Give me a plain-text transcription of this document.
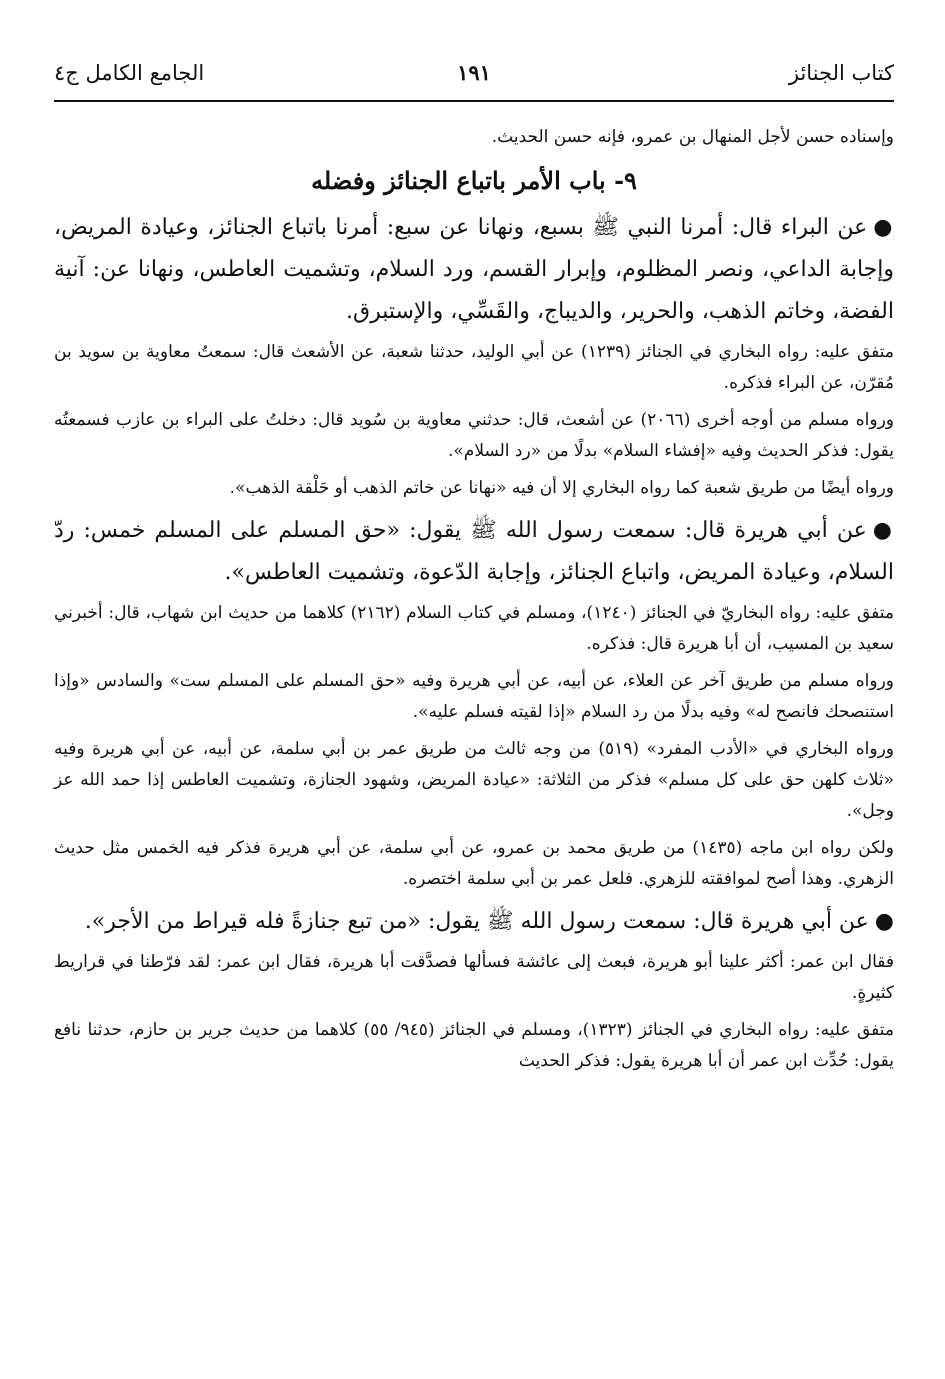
كتاب الجنائز
١٩١
الجامع الكامل ج٤

وإسناده حسن لأجل المنهال بن عمرو، فإنه حسن الحديث.

٩- باب الأمر باتباع الجنائز وفضله

●عن البراء قال: أمرنا النبي ﷺ بسبع، ونهانا عن سبع: أمرنا باتباع الجنائز، وعيادة المريض، وإجابة الداعي، ونصر المظلوم، وإبرار القسم، ورد السلام، وتشميت العاطس، ونهانا عن: آنية الفضة، وخاتم الذهب، والحرير، والديباج، والقَسِّي، والإستبرق.

متفق عليه: رواه البخاري في الجنائز (١٢٣٩) عن أبي الوليد، حدثنا شعبة، عن الأشعث قال: سمعتُ معاوية بن سويد بن مُقرّن، عن البراء فذكره.

ورواه مسلم من أوجه أخرى (٢٠٦٦) عن أشعث، قال: حدثني معاوية بن سُويد قال: دخلتُ على البراء بن عازب فسمعتُه يقول: فذكر الحديث وفيه «إفشاء السلام» بدلًا من «رد السلام».

ورواه أيضًا من طريق شعبة كما رواه البخاري إلا أن فيه «نهانا عن خاتم الذهب أو حَلْقة الذهب».

●عن أبي هريرة قال: سمعت رسول الله ﷺ يقول: «حق المسلم على المسلم خمس: ردّ السلام، وعيادة المريض، واتباع الجنائز، وإجابة الدّعوة، وتشميت العاطس».

متفق عليه: رواه البخاريّ في الجنائز (١٢٤٠)، ومسلم في كتاب السلام (٢١٦٢) كلاهما من حديث ابن شهاب، قال: أخبرني سعيد بن المسيب، أن أبا هريرة قال: فذكره.

ورواه مسلم من طريق آخر عن العلاء، عن أبيه، عن أبي هريرة وفيه «حق المسلم على المسلم ست» والسادس «وإذا استنصحك فانصح له» وفيه بدلًا من رد السلام «إذا لقيته فسلم عليه».

ورواه البخاري في «الأدب المفرد» (٥١٩) من وجه ثالث من طريق عمر بن أبي سلمة، عن أبيه، عن أبي هريرة وفيه «ثلاث كلهن حق على كل مسلم» فذكر من الثلاثة: «عيادة المريض، وشهود الجنازة، وتشميت العاطس إذا حمد الله عز وجل».

ولكن رواه ابن ماجه (١٤٣٥) من طريق محمد بن عمرو، عن أبي سلمة، عن أبي هريرة فذكر فيه الخمس مثل حديث الزهري. وهذا أصح لموافقته للزهري. فلعل عمر بن أبي سلمة اختصره.

●عن أبي هريرة قال: سمعت رسول الله ﷺ يقول: «من تبع جنازةً فله قيراط من الأجر».

فقال ابن عمر: أكثر علينا أبو هريرة، فبعث إلى عائشة فسألها فصدَّقت أبا هريرة، فقال ابن عمر: لقد فرّطنا في قراريط كثيرةٍ.

متفق عليه: رواه البخاري في الجنائز (١٣٢٣)، ومسلم في الجنائز (٩٤٥/ ٥٥) كلاهما من حديث جرير بن حازم، حدثنا نافع يقول: حُدِّث ابن عمر أن أبا هريرة يقول: فذكر الحديث
